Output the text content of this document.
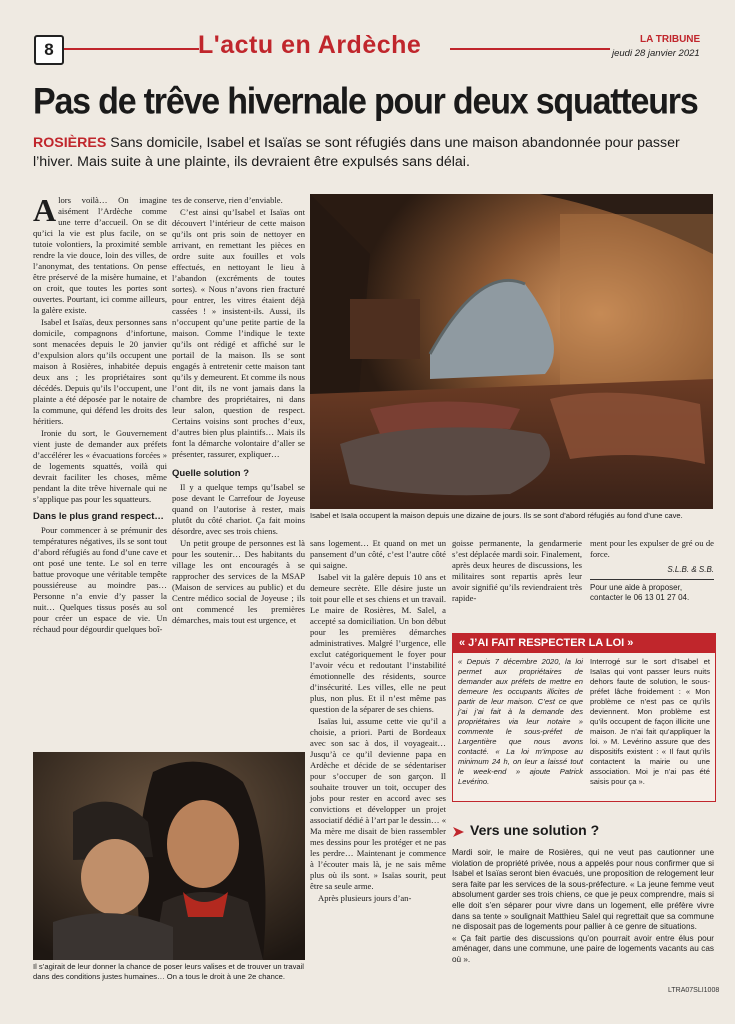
8	L'actu en Ardèche	LA TRIBUNE
jeudi 28 janvier 2021
Pas de trêve hivernale pour deux squatteurs
ROSIÈRES Sans domicile, Isabel et Isaïas se sont réfugiés dans une maison abandonnée pour passer l’hiver. Mais suite à une plainte, ils devraient être expulsés sans délai.

Alors voilà… On imagine aisément l’Ardèche comme une terre d’accueil. On se dit qu’ici la vie est plus facile, on se tutoie volontiers, la proximité semble rendre la vie douce, loin des villes, de l’anonymat, des tentations. On pense être préservé de la misère humaine, et on croit, que toutes les portes sont ouvertes. Pourtant, ici comme ailleurs, la galère existe.

Isabel et Isaïas, deux personnes sans domicile, compagnons d’infortune, sont menacées depuis le 20 janvier d’expulsion alors qu’ils occupent une maison à Rosières, inhabitée depuis deux ans ; les propriétaires sont décédés. Depuis qu’ils l’occupent, une plainte a été déposée par le notaire de la commune, qui défend les droits des héritiers.

Ironie du sort, le Gouvernement vient juste de demander aux préfets d’accélérer les « évacuations forcées » de logements squattés, voilà qui devrait faciliter les choses, même pendant la dite trêve hivernale qui ne s’applique pas pour les squatteurs.

Dans le plus grand respect…

Pour commencer à se prémunir des températures négatives, ils se sont tout d’abord réfugiés au fond d’une cave et ont posé une tente. Le sol en terre battue provoque une véritable tempête poussiéreuse au moindre pas… Personne n’a envie d’y passer la nuit… Quelques tissus posés au sol pour créer un espace de vie. Un réchaud pour dégourdir quelques boî-

tes de conserve, rien d’enviable.

C’est ainsi qu’Isabel et Isaïas ont découvert l’intérieur de cette maison qu’ils ont pris soin de nettoyer en arrivant, en remettant les pièces en ordre suite aux fouilles et vols effectués, en nettoyant le lieu à l’abandon (excréments de toutes sortes). « Nous n’avons rien fracturé pour entrer, les vitres étaient déjà cassées ! » insistent-ils. Aussi, ils n’occupent qu’une petite partie de la maison. Comme l’indique le texte qu’ils ont rédigé et affiché sur le portail de la maison. Ils se sont engagés à entretenir cette maison tant qu’ils y demeurent. Et comme ils nous l’ont dit, ils ne vont jamais dans la chambre des propriétaires, ni dans leur salon, question de respect. Certains voisins sont proches d’eux, d’autres bien plus plaintifs… Mais ils font la démarche volontaire d’aller se présenter, rassurer, expliquer…

Quelle solution ?

Il y a quelque temps qu’Isabel se pose devant le Carrefour de Joyeuse quand on l’autorise à rester, mais plutôt du côté chariot. Ça fait moins désordre, avec ses trois chiens.

Un petit groupe de personnes est là pour les soutenir… Des habitants du village les ont encouragés à se rapprocher des services de la MSAP (Maison de services au public) et du Centre médico social de Joyeuse ; ils ont commencé les premières démarches, mais tout est urgence, et

Isabel et Isaïa occupent la maison depuis une dizaine de jours. Ils se sont d’abord réfugiés au fond d’une cave.

sans logement… Et quand on met un pansement d’un côté, c’est l’autre côté qui saigne.

Isabel vit la galère depuis 10 ans et demeure secrète. Elle désire juste un toit pour elle et ses chiens et un travail. Le maire de Rosières, M. Salel, a accepté sa domiciliation. Un bon début pour les premières démarches administratives. Malgré l’urgence, elle exclut catégoriquement le foyer pour l’avoir vécu et redoutant l’instabilité émotionnelle des résidents, source d’insécurité. Les villes, elle ne peut plus, non plus. Et il n’est même pas question de la séparer de ses chiens.

Isaïas lui, assume cette vie qu’il a choisie, a priori. Parti de Bordeaux avec son sac à dos, il voyageait… Jusqu’à ce qu’il devienne papa en Ardèche et décide de se sédentariser pour s’occuper de son garçon. Il souhaite trouver un toit, occuper des jobs pour rester en accord avec ses convictions et développer un projet associatif dédié à l’art par le dessin… « Ma mère me disait de bien rassembler mes dessins pour les protéger et ne pas les perdre… Maintenant je commence à l’écouter mais là, je ne sais même plus où ils sont. » Isaïas sourit, peut être sa seule arme.

Après plusieurs jours d’an-

goisse permanente, la gendarmerie s’est déplacée mardi soir. Finalement, après deux heures de discussions, les militaires sont repartis après leur avoir signifié qu’ils reviendraient très rapide-

ment pour les expulser de gré ou de force.

S.L.B. & S.B.
Pour une aide à proposer, contacter le 06 13 01 27 04.
« J’AI FAIT RESPECTER LA LOI »
« Depuis 7 décembre 2020, la loi permet aux propriétaires de demander aux préfets de mettre en demeure les occupants illicites de partir de leur maison. C’est ce que j’ai j’ai fait à la demande des propriétaires via leur notaire » commente le sous-préfet de Largentière que nous avons contacté. « La loi m’impose au minimum 24 h, on leur a laissé tout le week-end » ajoute Patrick Levérino.
Interrogé sur le sort d’Isabel et Isaïas qui vont passer leurs nuits dehors faute de solution, le sous-préfet lâche froidement : « Mon problème ce n’est pas ce qu’ils deviennent. Mon problème est qu’ils occupent de façon illicite une maison. Je n’ai fait qu’appliquer la loi. » M. Levérino assure que des dispositifs existent : « Il faut qu’ils contactent la mairie ou une association. Moi je n’ai pas été saisis pour ça ».
Vers une solution ?
Mardi soir, le maire de Rosières, qui ne veut pas cautionner une violation de propriété privée, nous a appelés pour nous confirmer que si Isabel et Isaïas seront bien évacués, une proposition de relogement leur sera faite par les services de la sous-préfecture. « La jeune femme veut absolument garder ses trois chiens, ce que je peux comprendre, mais si elle doit s’en séparer pour vivre dans un logement, elle préfère vivre dans sa tente » soulignait Matthieu Salel qui regrettait que sa commune ne disposait pas de logements pour pallier à ce genre de situations.
« Ça fait partie des discussions qu’on pourrait avoir entre élus pour aménager, dans une commune, une paire de logements vacants au cas où ».
Il s’agirait de leur donner la chance de poser leurs valises et de trouver un travail dans des conditions justes humaines… On a tous le droit à une 2e chance.
LTRA07SLI1008
